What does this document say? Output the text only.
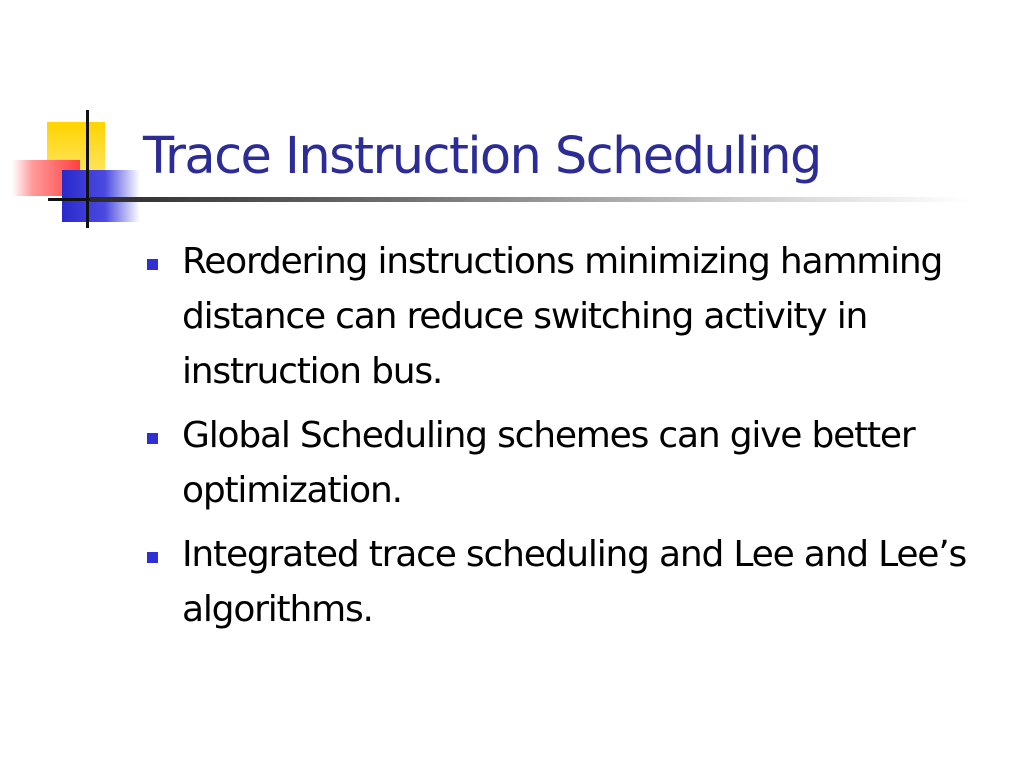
Trace Instruction Scheduling
Reordering instructions minimizing hamming distance can reduce switching activity in instruction bus.
Global Scheduling schemes can give better optimization.
Integrated trace scheduling and Lee and Lee’s algorithms.
